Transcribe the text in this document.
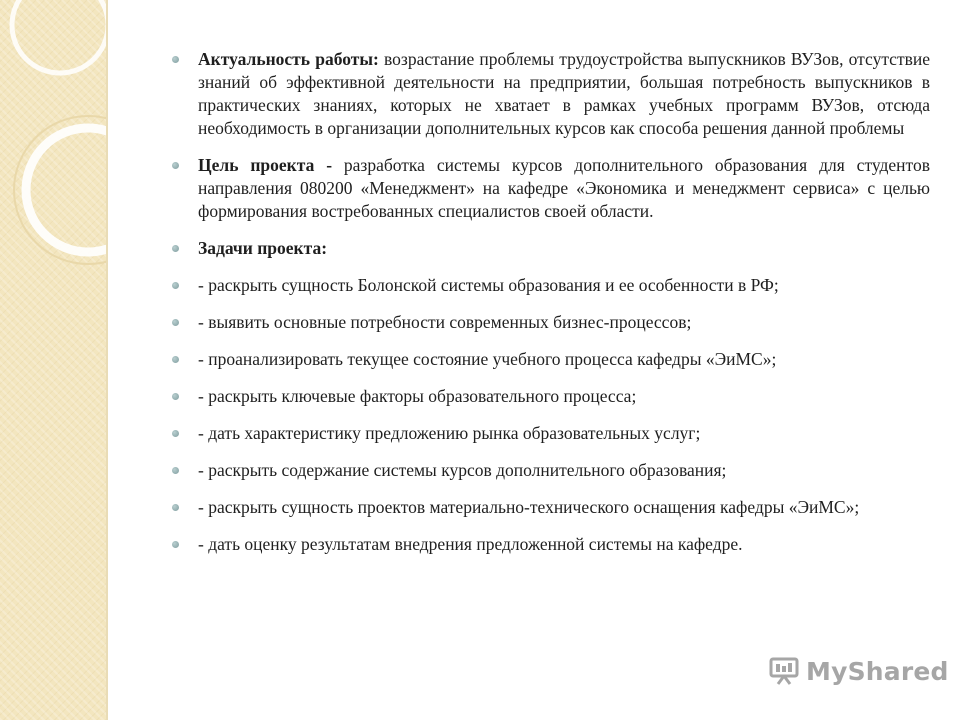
Актуальность работы: возрастание проблемы трудоустройства выпускников ВУЗов, отсутствие знаний об эффективной деятельности на предприятии, большая потребность выпускников в практических знаниях, которых не хватает в рамках учебных программ ВУЗов, отсюда необходимость в организации дополнительных курсов как способа решения данной проблемы
Цель проекта - разработка системы курсов дополнительного образования для студентов направления 080200 «Менеджмент» на кафедре «Экономика и менеджмент сервиса» с целью формирования востребованных специалистов своей области.
Задачи проекта:
- раскрыть сущность Болонской системы образования и ее особенности в РФ;
- выявить основные потребности современных бизнес-процессов;
- проанализировать текущее состояние учебного процесса кафедры «ЭиМС»;
- раскрыть ключевые факторы образовательного процесса;
- дать характеристику предложению рынка образовательных услуг;
- раскрыть содержание системы курсов дополнительного образования;
- раскрыть сущность проектов материально-технического оснащения кафедры «ЭиМС»;
- дать оценку результатам внедрения предложенной системы на кафедре.
MyShared
